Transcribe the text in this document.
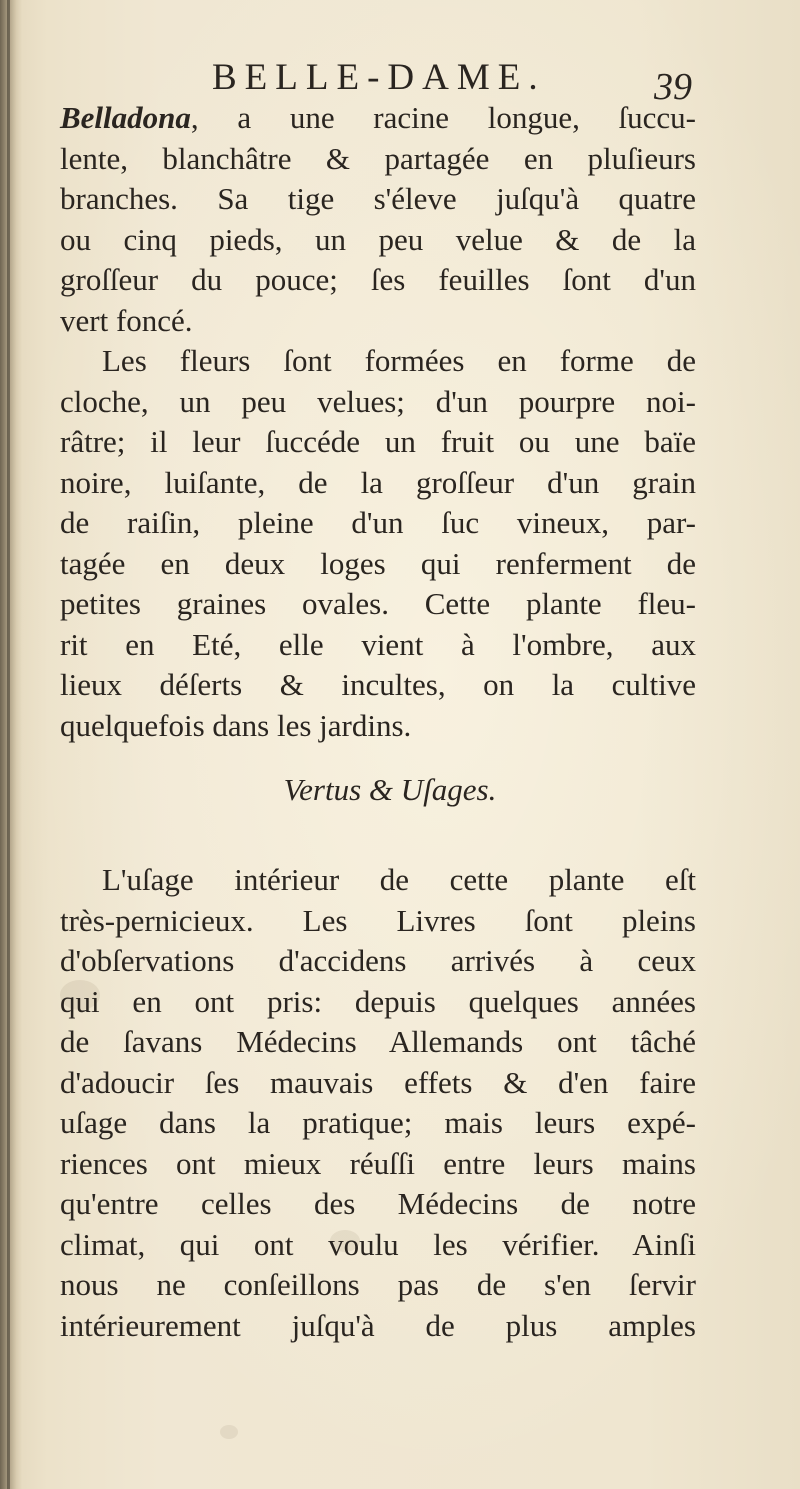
BELLE-DAME.	39
Belladona, a une racine longue, ſuccu-
lente, blanchâtre & partagée en pluſieurs
branches. Sa tige s'éleve juſqu'à quatre
ou cinq pieds, un peu velue & de la
groſſeur du pouce; ſes feuilles ſont d'un
vert foncé.
Les fleurs ſont formées en forme de
cloche, un peu velues; d'un pourpre noi-
râtre; il leur ſuccéde un fruit ou une baïe
noire, luiſante, de la groſſeur d'un grain
de raiſin, pleine d'un ſuc vineux, par-
tagée en deux loges qui renferment de
petites graines ovales. Cette plante fleu-
rit en Eté, elle vient à l'ombre, aux
lieux déſerts & incultes, on la cultive
quelquefois dans les jardins.
Vertus & Uſages.
L'uſage intérieur de cette plante eſt
très-pernicieux. Les Livres ſont pleins
d'obſervations d'accidens arrivés à ceux
qui en ont pris: depuis quelques années
de ſavans Médecins Allemands ont tâché
d'adoucir ſes mauvais effets & d'en faire
uſage dans la pratique; mais leurs expé-
riences ont mieux réuſſi entre leurs mains
qu'entre celles des Médecins de notre
climat, qui ont voulu les vérifier. Ainſi
nous ne conſeillons pas de s'en ſervir
intérieurement juſqu'à de plus amples
